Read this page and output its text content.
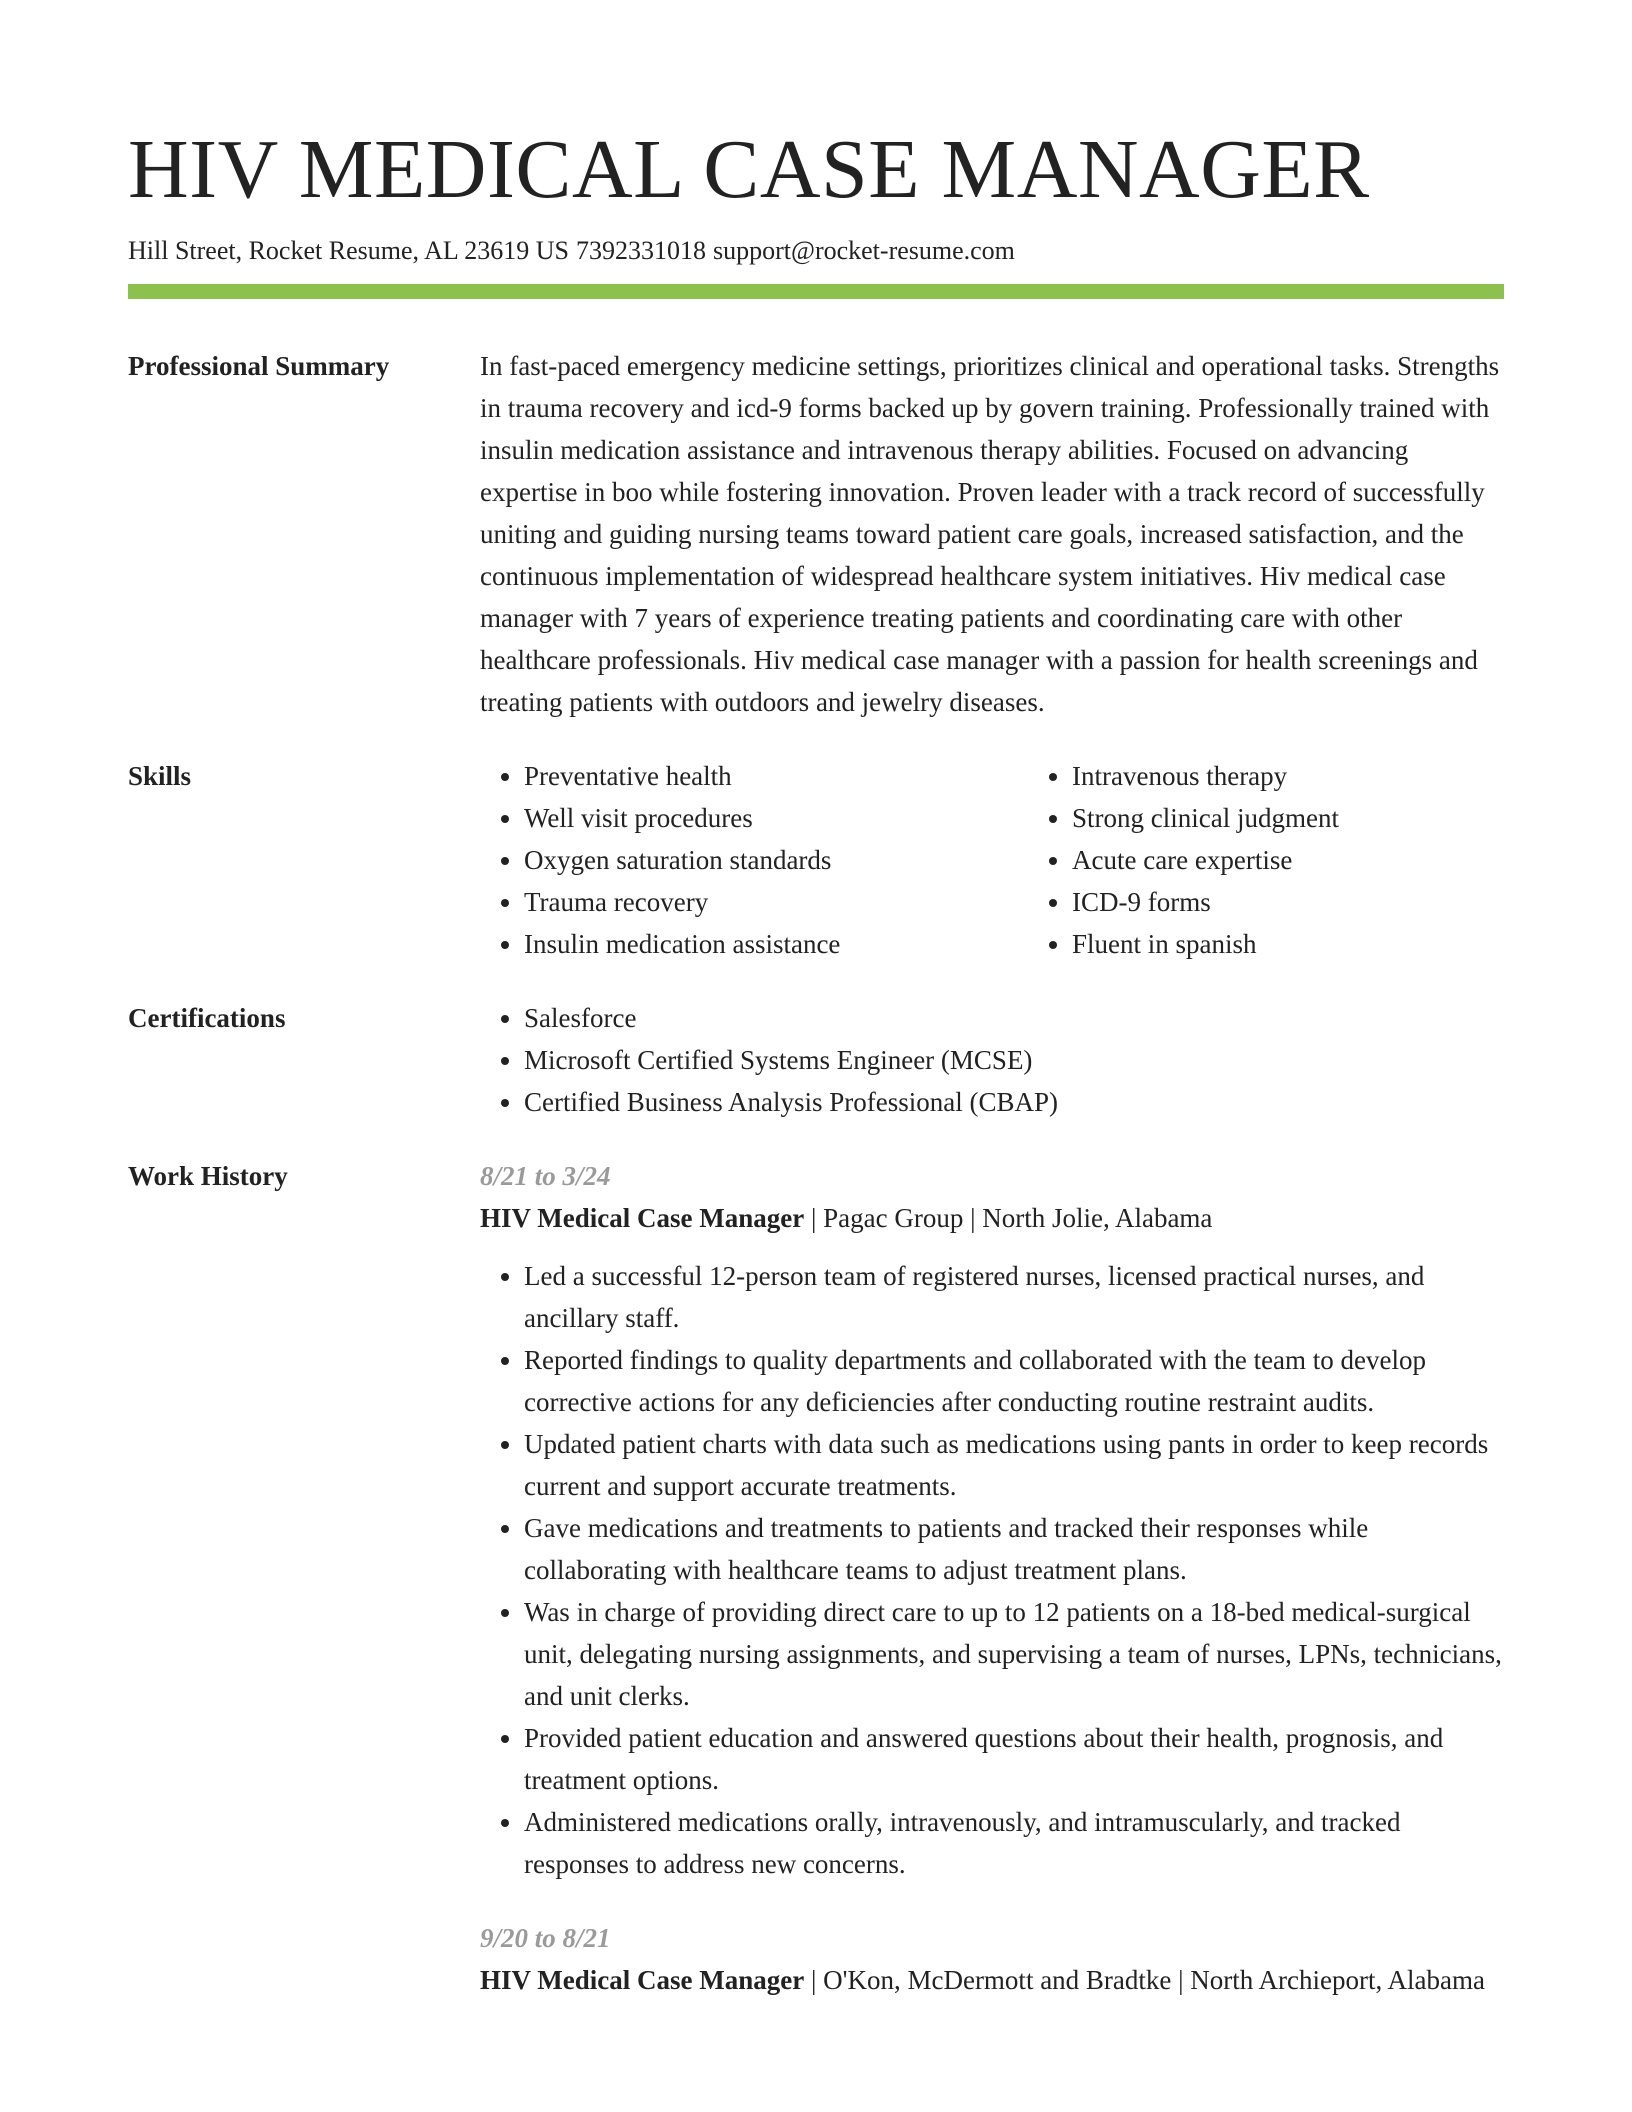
HIV MEDICAL CASE MANAGER
Hill Street, Rocket Resume, AL 23619 US 7392331018 support@rocket-resume.com
Professional Summary	In fast-paced emergency medicine settings, prioritizes clinical and operational tasks. Strengths in trauma recovery and icd-9 forms backed up by govern training. Professionally trained with insulin medication assistance and intravenous therapy abilities. Focused on advancing expertise in boo while fostering innovation. Proven leader with a track record of successfully uniting and guiding nursing teams toward patient care goals, increased satisfaction, and the continuous implementation of widespread healthcare system initiatives. Hiv medical case manager with 7 years of experience treating patients and coordinating care with other healthcare professionals. Hiv medical case manager with a passion for health screenings and treating patients with outdoors and jewelry diseases.
Skills	• Preventative health
• Well visit procedures
• Oxygen saturation standards
• Trauma recovery
• Insulin medication assistance
• Intravenous therapy
• Strong clinical judgment
• Acute care expertise
• ICD-9 forms
• Fluent in spanish
Certifications	• Salesforce
• Microsoft Certified Systems Engineer (MCSE)
• Certified Business Analysis Professional (CBAP)
Work History	8/21 to 3/24
HIV Medical Case Manager | Pagac Group | North Jolie, Alabama
• Led a successful 12-person team of registered nurses, licensed practical nurses, and ancillary staff.
• Reported findings to quality departments and collaborated with the team to develop corrective actions for any deficiencies after conducting routine restraint audits.
• Updated patient charts with data such as medications using pants in order to keep records current and support accurate treatments.
• Gave medications and treatments to patients and tracked their responses while collaborating with healthcare teams to adjust treatment plans.
• Was in charge of providing direct care to up to 12 patients on a 18-bed medical-surgical unit, delegating nursing assignments, and supervising a team of nurses, LPNs, technicians, and unit clerks.
• Provided patient education and answered questions about their health, prognosis, and treatment options.
• Administered medications orally, intravenously, and intramuscularly, and tracked responses to address new concerns.
9/20 to 8/21
HIV Medical Case Manager | O'Kon, McDermott and Bradtke | North Archieport, Alabama
